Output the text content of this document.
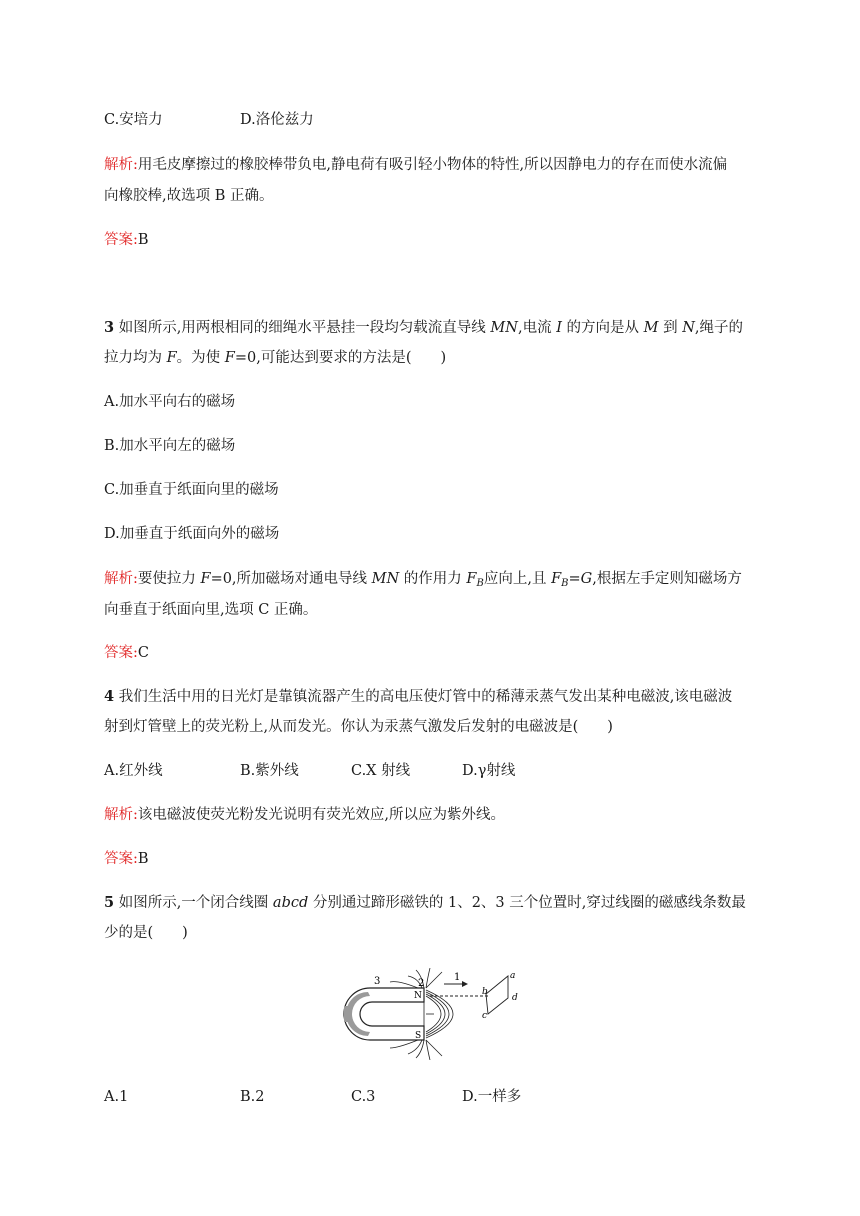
C.安培力	D.洛伦兹力
解析:用毛皮摩擦过的橡胶棒带负电,静电荷有吸引轻小物体的特性,所以因静电力的存在而使水流偏
向橡胶棒,故选项 B 正确。
答案:B
3 如图所示,用两根相同的细绳水平悬挂一段均匀载流直导线 MN,电流 I 的方向是从 M 到 N,绳子的
拉力均为 F。为使 F=0,可能达到要求的方法是(　　)
A.加水平向右的磁场
B.加水平向左的磁场
C.加垂直于纸面向里的磁场
D.加垂直于纸面向外的磁场
解析:要使拉力 F=0,所加磁场对通电导线 MN 的作用力 $F_B$应向上,且 $F_B=G$,根据左手定则知磁场方
向垂直于纸面向里,选项 C 正确。
答案:C
4 我们生活中用的日光灯是靠镇流器产生的高电压使灯管中的稀薄汞蒸气发出某种电磁波,该电磁波
射到灯管壁上的荧光粉上,从而发光。你认为汞蒸气激发后发射的电磁波是(　　)
A.红外线	B.紫外线	C.X 射线	D.γ射线
解析:该电磁波使荧光粉发光说明有荧光效应,所以应为紫外线。
答案:B
5 如图所示,一个闭合线圈 abcd 分别通过蹄形磁铁的 1、2、3 三个位置时,穿过线圈的磁感线条数最
少的是(　　)
1
2
3
N
S
a
b
c
d
A.1	B.2	C.3	D.一样多
